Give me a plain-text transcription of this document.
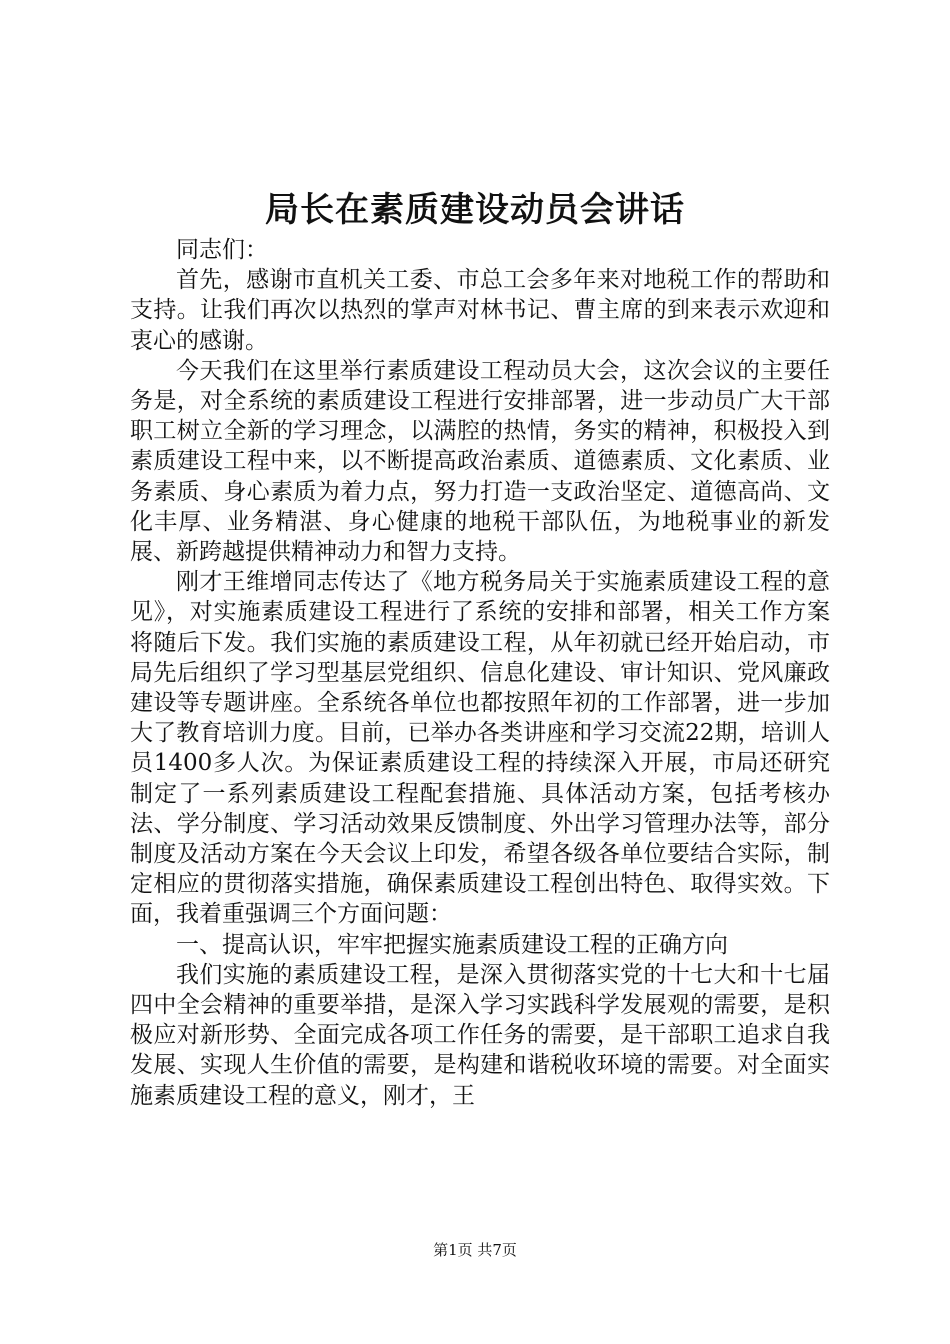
局长在素质建设动员会讲话

同志们：

首先，感谢市直机关工委、市总工会多年来对地税工作的帮助和支持。让我们再次以热烈的掌声对林书记、曹主席的到来表示欢迎和衷心的感谢。

今天我们在这里举行素质建设工程动员大会，这次会议的主要任务是，对全系统的素质建设工程进行安排部署，进一步动员广大干部职工树立全新的学习理念，以满腔的热情，务实的精神，积极投入到素质建设工程中来，以不断提高政治素质、道德素质、文化素质、业务素质、身心素质为着力点，努力打造一支政治坚定、道德高尚、文化丰厚、业务精湛、身心健康的地税干部队伍，为地税事业的新发展、新跨越提供精神动力和智力支持。

刚才王维增同志传达了《地方税务局关于实施素质建设工程的意见》，对实施素质建设工程进行了系统的安排和部署，相关工作方案将随后下发。我们实施的素质建设工程，从年初就已经开始启动，市局先后组织了学习型基层党组织、信息化建设、审计知识、党风廉政建设等专题讲座。全系统各单位也都按照年初的工作部署，进一步加大了教育培训力度。目前，已举办各类讲座和学习交流22期，培训人员1400多人次。为保证素质建设工程的持续深入开展，市局还研究制定了一系列素质建设工程配套措施、具体活动方案，包括考核办法、学分制度、学习活动效果反馈制度、外出学习管理办法等，部分制度及活动方案在今天会议上印发，希望各级各单位要结合实际，制定相应的贯彻落实措施，确保素质建设工程创出特色、取得实效。下面，我着重强调三个方面问题：

一、提高认识，牢牢把握实施素质建设工程的正确方向

我们实施的素质建设工程，是深入贯彻落实党的十七大和十七届四中全会精神的重要举措，是深入学习实践科学发展观的需要，是积极应对新形势、全面完成各项工作任务的需要，是干部职工追求自我发展、实现人生价值的需要，是构建和谐税收环境的需要。对全面实施素质建设工程的意义，刚才，王

第1页 共7页
